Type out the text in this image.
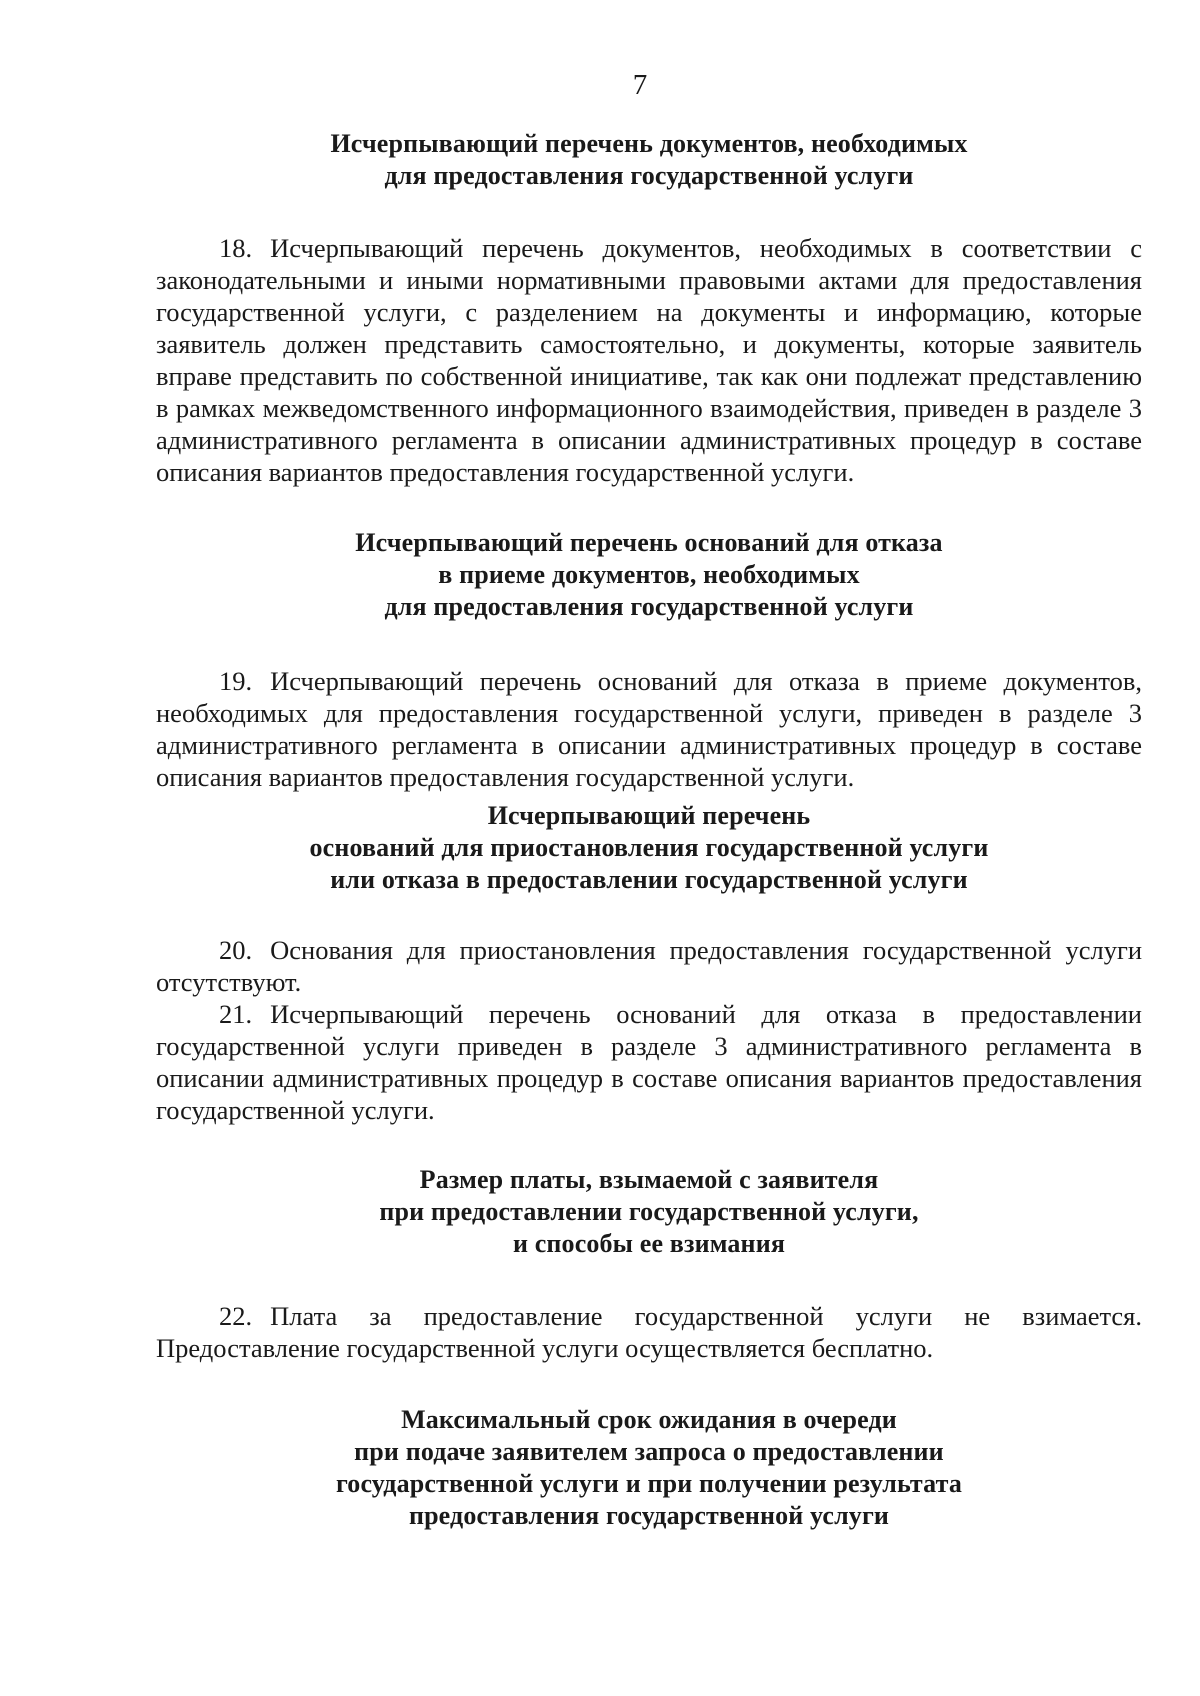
7
Исчерпывающий перечень документов, необходимых
для предоставления государственной услуги
18. Исчерпывающий перечень документов, необходимых в соответствии с законодательными и иными нормативными правовыми актами для предоставления государственной услуги, с разделением на документы и информацию, которые заявитель должен представить самостоятельно, и документы, которые заявитель вправе представить по собственной инициативе, так как они подлежат представлению в рамках межведомственного информационного взаимодействия, приведен в разделе 3 административного регламента в описании административных процедур в составе описания вариантов предоставления государственной услуги.
Исчерпывающий перечень оснований для отказа
в приеме документов, необходимых
для предоставления государственной услуги
19. Исчерпывающий перечень оснований для отказа в приеме документов, необходимых для предоставления государственной услуги, приведен в разделе 3 административного регламента в описании административных процедур в составе описания вариантов предоставления государственной услуги.
Исчерпывающий перечень
оснований для приостановления государственной услуги
или отказа в предоставлении государственной услуги
20. Основания для приостановления предоставления государственной услуги отсутствуют.
21. Исчерпывающий перечень оснований для отказа в предоставлении государственной услуги приведен в разделе 3 административного регламента в описании административных процедур в составе описания вариантов предоставления государственной услуги.
Размер платы, взымаемой с заявителя
при предоставлении государственной услуги,
и способы ее взимания
22. Плата за предоставление государственной услуги не взимается. Предоставление государственной услуги осуществляется бесплатно.
Максимальный срок ожидания в очереди
при подаче заявителем запроса о предоставлении
государственной услуги и при получении результата
предоставления государственной услуги
